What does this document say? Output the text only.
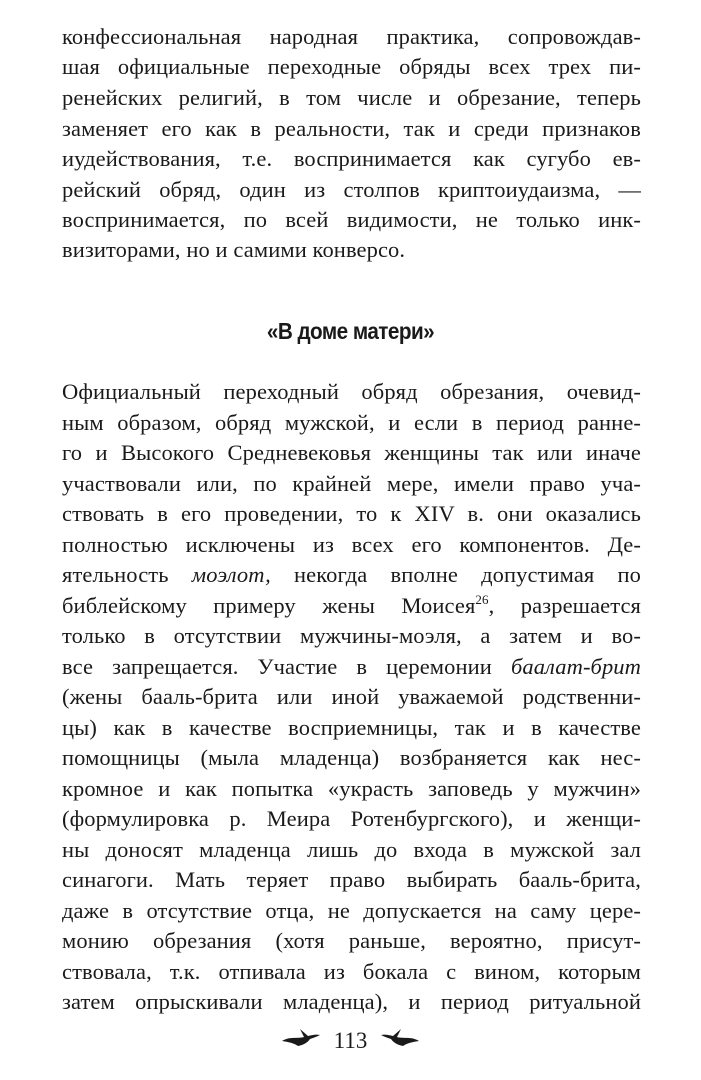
конфессиональная народная практика, сопровождав-
шая официальные переходные обряды всех трех пи-
ренейских религий, в том числе и обрезание, теперь
заменяет его как в реальности, так и среди признаков
иудействования, т.е. воспринимается как сугубо ев-
рейский обряд, один из столпов криптоиудаизма, —
воспринимается, по всей видимости, не только инк-
визиторами, но и самими конверсо.
«В доме матери»
Официальный переходный обряд обрезания, очевид-
ным образом, обряд мужской, и если в период ранне-
го и Высокого Средневековья женщины так или иначе
участвовали или, по крайней мере, имели право уча-
ствовать в его проведении, то к XIV в. они оказались
полностью исключены из всех его компонентов. Де-
ятельность моэлот, некогда вполне допустимая по
библейскому примеру жены Моисея$^{26}$, разрешается
только в отсутствии мужчины-моэля, а затем и во-
все запрещается. Участие в церемонии баалат-брит
(жены бааль-брита или иной уважаемой родственни-
цы) как в качестве восприемницы, так и в качестве
помощницы (мыла младенца) возбраняется как нес-
кромное и как попытка «украсть заповедь у мужчин»
(формулировка р. Меира Ротенбургского), и женщи-
ны доносят младенца лишь до входа в мужской зал
синагоги. Мать теряет право выбирать бааль-брита,
даже в отсутствие отца, не допускается на саму цере-
монию обрезания (хотя раньше, вероятно, присут-
ствовала, т.к. отпивала из бокала с вином, которым
затем опрыскивали младенца), и период ритуальной
113
